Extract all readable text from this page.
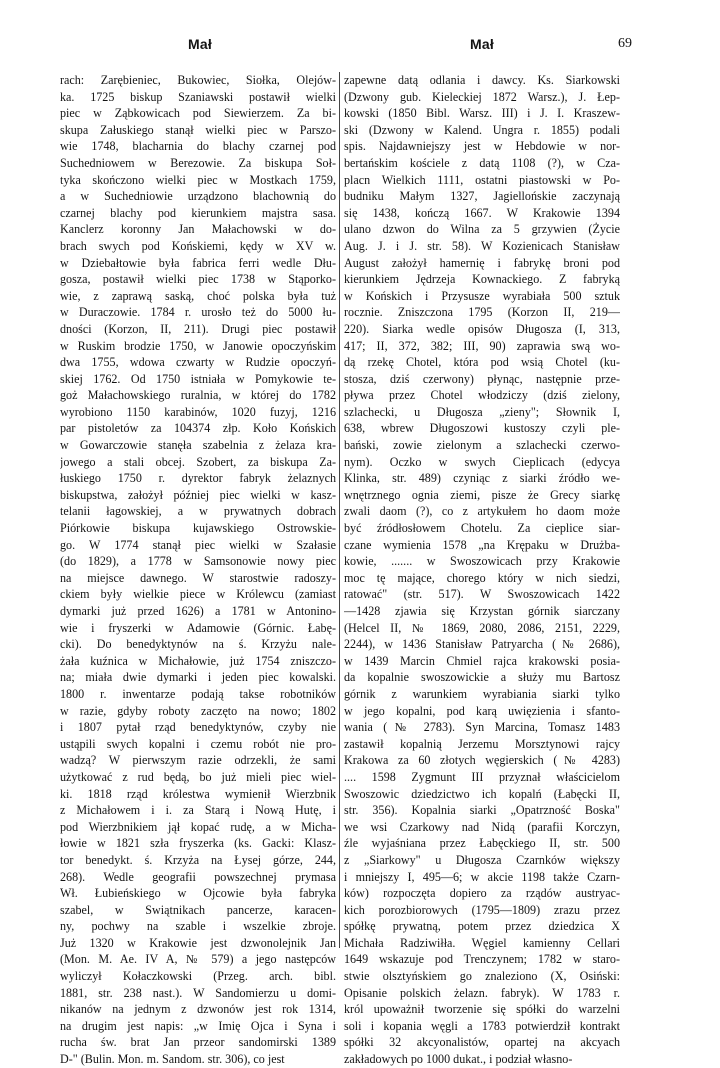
Mał	Mał	69
rach: Zarębieniec, Bukowiec, Siołka, Olejów-
ka. 1725 biskup Szaniawski postawił wielki
piec w Ząbkowicach pod Siewierzem. Za bi-
skupa Załuskiego stanął wielki piec w Parszo-
wie 1748, blacharnia do blachy czarnej pod
Suchedniowem w Berezowie. Za biskupa Soł-
tyka skończono wielki piec w Mostkach 1759,
a w Suchedniowie urządzono blachownią do
czarnej blachy pod kierunkiem majstra sasa.
Kanclerz koronny Jan Małachowski w do-
brach swych pod Końskiemi, kędy w XV w.
w Dziebałtowie była fabrica ferri wedle Dłu-
gosza, postawił wielki piec 1738 w Stąporko-
wie, z zaprawą saską, choć polska była tuż
w Duraczowie. 1784 r. urosło też do 5000 łu-
dności (Korzon, II, 211). Drugi piec postawił
w Ruskim brodzie 1750, w Janowie opoczyńskim
dwa 1755, wdowa czwarty w Rudzie opoczyń-
skiej 1762. Od 1750 istniała w Pomykowie te-
goż Małachowskiego ruralnia, w której do 1782
wyrobiono 1150 karabinów, 1020 fuzyj, 1216
par pistoletów za 104374 złp. Koło Końskich
w Gowarczowie stanęła szabelnia z żelaza kra-
jowego a stali obcej. Szobert, za biskupa Za-
łuskiego 1750 r. dyrektor fabryk żelaznych
biskupstwa, założył później piec wielki w kasz-
telanii łagowskiej, a w prywatnych dobrach
Piórkowie biskupa kujawskiego Ostrowskie-
go. W 1774 stanął piec wielki w Szałasie
(do 1829), a 1778 w Samsonowie nowy piec
na miejsce dawnego. W starostwie radoszy-
ckiem były wielkie piece w Królewcu (zamiast
dymarki już przed 1626) a 1781 w Antonino-
wie i fryszerki w Adamowie (Górnic. Łabę-
cki). Do benedyktynów na ś. Krzyżu nale-
żała kuźnica w Michałowie, już 1754 zniszczo-
na; miała dwie dymarki i jeden piec kowalski.
1800 r. inwentarze podają takse robotników
w razie, gdyby roboty zaczęto na nowo; 1802
i 1807 pytał rząd benedyktynów, czyby nie
ustąpili swych kopalni i czemu robót nie pro-
wadzą? W pierwszym razie odrzekli, że sami
użytkować z rud będą, bo już mieli piec wiel-
ki. 1818 rząd królestwa wymienił Wierzbnik
z Michałowem i i. za Starą i Nową Hutę, i
pod Wierzbnikiem jął kopać rudę, a w Micha-
łowie w 1821 szła fryszerka (ks. Gacki: Klasz-
tor benedykt. ś. Krzyża na Łysej górze, 244,
268). Wedle geografii powszechnej prymasa
Wł. Łubieńskiego w Ojcowie była fabryka
szabel, w Swiątnikach pancerze, karacen-
ny, pochwy na szable i wszelkie zbroje.
Już 1320 w Krakowie jest dzwonolejnik Jan
(Mon. M. Ae. IV A, № 579) a jego następców
wyliczył Kołaczkowski (Przeg. arch. bibl.
1881, str. 238 nast.). W Sandomierzu u domi-
nikanów na jednym z dzwonów jest rok 1314,
na drugim jest napis: „w Imię Ojca i Syna i
rucha św. brat Jan przeor sandomirski 1389
D-" (Bulin. Mon. m. Sandom. str. 306), co jest
zapewne datą odlania i dawcy. Ks. Siarkowski
(Dzwony gub. Kieleckiej 1872 Warsz.), J. Łep-
kowski (1850 Bibl. Warsz. III) i J. I. Kraszew-
ski (Dzwony w Kalend. Ungra r. 1855) podali
spis. Najdawniejszy jest w Hebdowie w nor-
bertańskim kościele z datą 1108 (?), w Cza-
placn Wielkich 1111, ostatni piastowski w Po-
budniku Małym 1327, Jagiellońskie zaczynają
się 1438, kończą 1667. W Krakowie 1394
ulano dzwon do Wilna za 5 grzywien (Życie
Aug. J. i J. str. 58). W Kozienicach Stanisław
August założył hamernię i fabrykę broni pod
kierunkiem Jędrzeja Kownackiego. Z fabryką
w Końskich i Przysusze wyrabiała 500 sztuk
rocznie. Zniszczona 1795 (Korzon II, 219—
220). Siarka wedle opisów Długosza (I, 313,
417; II, 372, 382; III, 90) zaprawia swą wo-
dą rzekę Chotel, która pod wsią Chotel (ku-
stosza, dziś czerwony) płynąc, następnie prze-
pływa przez Chotel włodziczy (dziś zielony,
szlachecki, u Długosza „zieny"; Słownik I,
638, wbrew Długoszowi kustoszy czyli ple-
bański, zowie zielonym a szlachecki czerwo-
nym). Oczko w swych Cieplicach (edycya
Klinka, str. 489) czyniąc z siarki źródło we-
wnętrznego ognia ziemi, pisze że Grecy siarkę
zwali daom (?), co z artykułem ho daom może
być źródłosłowem Chotelu. Za cieplice siar-
czane wymienia 1578 „na Krępaku w Drużba-
kowie, ....... w Swoszowicach przy Krakowie
moc tę mające, chorego który w nich siedzi,
ratować" (str. 517). W Swoszowicach 1422
—1428 zjawia się Krzystan górnik siarczany
(Helcel II, № 1869, 2080, 2086, 2151, 2229,
2244), w 1436 Stanisław Patryarcha (№ 2686),
w 1439 Marcin Chmiel rajca krakowski posia-
da kopalnie swoszowickie a służy mu Bartosz
górnik z warunkiem wyrabiania siarki tylko
w jego kopalni, pod karą uwięzienia i sfanto-
wania (№ 2783). Syn Marcina, Tomasz 1483
zastawił kopalnią Jerzemu Morsztynowi rajcy
Krakowa za 60 złotych węgierskich (№ 4283)
.... 1598 Zygmunt III przyznał właścicielom
Swoszowic dziedzictwo ich kopalń (Łabęcki II,
str. 356). Kopalnia siarki „Opatrzność Boska"
we wsi Czarkowy nad Nidą (parafii Korczyn,
źle wyjaśniana przez Łabęckiego II, str. 500
z „Siarkowy" u Długosza Czarnków większy
i mniejszy I, 495—6; w akcie 1198 także Czarn-
ków) rozpoczęta dopiero za rządów austryac-
kich porozbiorowych (1795—1809) zrazu przez
spółkę prywatną, potem przez dziedzica X
Michała Radziwiłła. Węgiel kamienny Cellari
1649 wskazuje pod Trenczynem; 1782 w staro-
stwie olsztyńskiem go znaleziono (X, Osiński:
Opisanie polskich żelazn. fabryk). W 1783 r.
król upoważnił tworzenie się spółki do warzelni
soli i kopania węgli a 1783 potwierdził kontrakt
spółki 32 akcyonalistów, opartej na akcyach
zakładowych po 1000 dukat., i podział własno-
